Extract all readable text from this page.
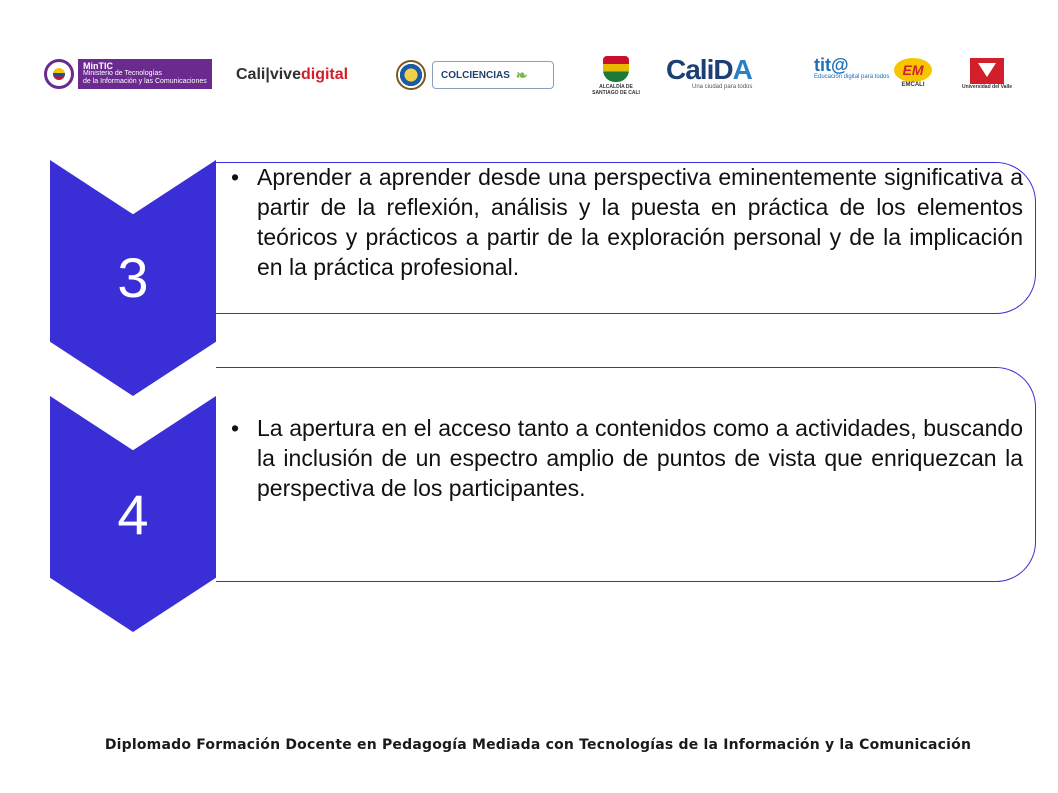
MinTIC
Ministerio de Tecnologías
de la Información y las Comunicaciones	Cali|vive digital	COLCIENCIAS ❧
ALCALDÍA DE SANTIAGO DE CALI
CaliDA
Una ciudad para todos
tit@
Educación digital para todos EM
EMCALI	Universidad del Valle
3
• Aprender a aprender desde una perspectiva eminentemente significativa a partir de la reflexión, análisis y la puesta en práctica de los elementos teóricos y prácticos a partir de la exploración personal y de la implicación en la práctica profesional.
4
• La apertura en el acceso tanto a contenidos como a actividades, buscando la inclusión de un espectro amplio de puntos de vista que enriquezcan la perspectiva de los participantes.
Diplomado Formación Docente en Pedagogía Mediada con Tecnologías de la Información y la Comunicación
